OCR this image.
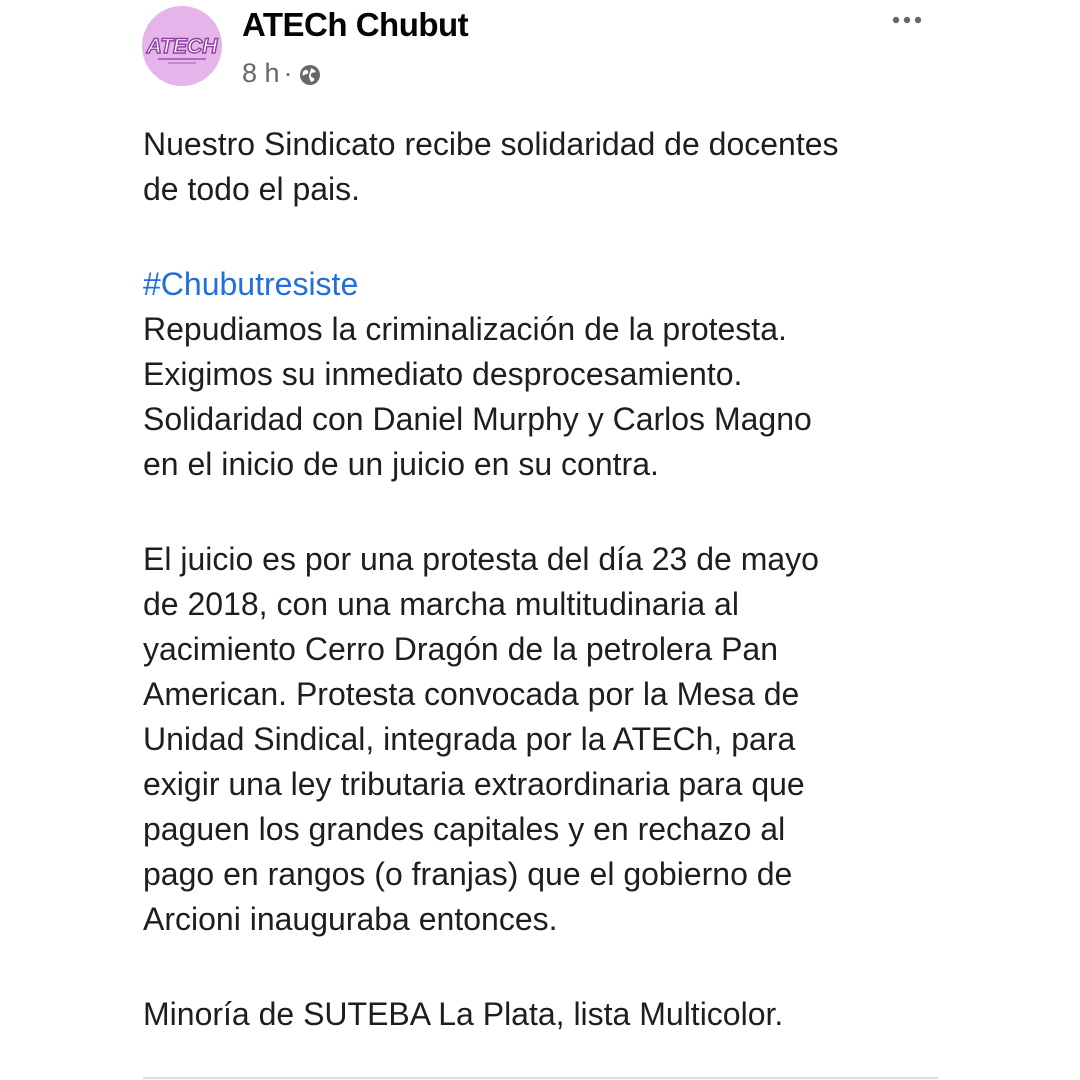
ATECH
ATECh Chubut
8 h ·
Nuestro Sindicato recibe solidaridad de docentes
de todo el pais.
#Chubutresiste
Repudiamos la criminalización de la protesta.
Exigimos su inmediato desprocesamiento.
Solidaridad con Daniel Murphy y Carlos Magno
en el inicio de un juicio en su contra.
El juicio es por una protesta del día 23 de mayo
de 2018, con una marcha multitudinaria al
yacimiento Cerro Dragón de la petrolera Pan
American. Protesta convocada por la Mesa de
Unidad Sindical, integrada por la ATECh, para
exigir una ley tributaria extraordinaria para que
paguen los grandes capitales y en rechazo al
pago en rangos (o franjas) que el gobierno de
Arcioni inauguraba entonces.
Minoría de SUTEBA La Plata, lista Multicolor.
